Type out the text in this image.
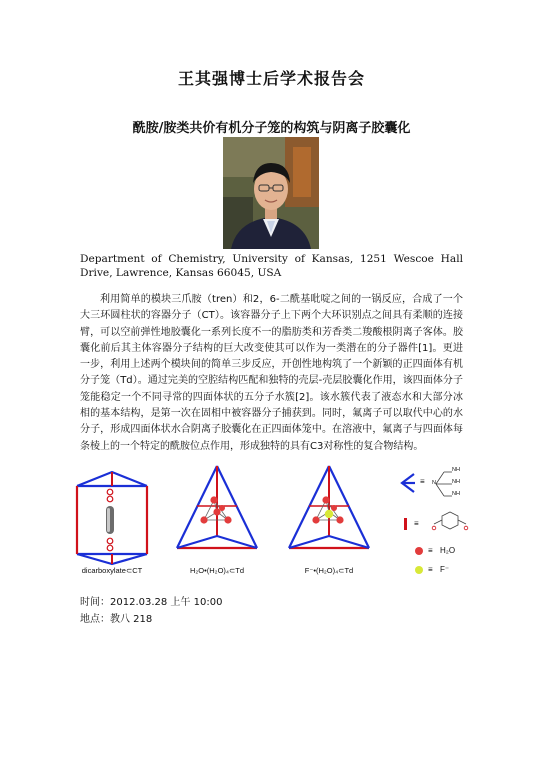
王其强博士后学术报告会
酰胺/胺类共价有机分子笼的构筑与阴离子胶囊化
Department of Chemistry, University of Kansas, 1251 Wescoe Hall Drive, Lawrence, Kansas 66045, USA

利用简单的模块三爪胺（tren）和2，6-二酰基吡啶之间的一锅反应，合成了一个大三环圆柱状的容器分子（CT）。该容器分子上下两个大环识别点之间具有柔顺的连接臂，可以空前弹性地胶囊化一系列长度不一的脂肪类和芳香类二羧酸根阴离子客体。胶囊化前后其主体容器分子结构的巨大改变使其可以作为一类潜在的分子器件[1]。更进一步，利用上述两个模块间的简单三步反应，开创性地构筑了一个新颖的正四面体有机分子笼（Td）。通过完美的空腔结构匹配和独特的壳层-壳层胶囊化作用，该四面体分子笼能稳定一个不同寻常的四面体状的五分子水簇[2]。该水簇代表了液态水和大部分冰相的基本结构，是第一次在固相中被容器分子捕获到。同时，氟离子可以取代中心的水分子，形成四面体状水合阴离子胶囊化在正四面体笼中。在溶液中，氟离子与四面体每条棱上的一个特定的酰胺位点作用，形成独特的具有C3对称性的复合物结构。

dicarboxylate⊂CT	H₂O•(H₂O)₄⊂Td	F⁻•(H₂O)₄⊂Td
≡
NH
NH
NH
N
≡
≡ H₂O
≡ F⁻
时间：2012.03.28 上午 10:00
地点：教八 218
